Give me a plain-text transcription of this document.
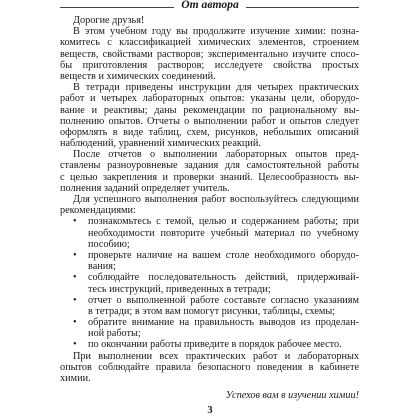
От автора
Дорогие друзья!
В этом учебном году вы продолжите изучение химии: позна-
комитесь с классификацией химических элементов, строением
веществ, свойствами растворов; экспериментально изучите спосо-
бы приготовления растворов; исследуете свойства простых
веществ и химических соединений.
В тетради приведены инструкции для четырех практических
работ и четырех лабораторных опытов: указаны цели, оборудо-
вание и реактивы; даны рекомендации по рациональному вы-
полнению опытов. Отчеты о выполнении работ и опытов следует
оформлять в виде таблиц, схем, рисунков, небольших описаний
наблюдений, уравнений химических реакций.
После отчетов о выполнении лабораторных опытов пред-
ставлены разноуровневые задания для самостоятельной работы
с целью закрепления и проверки знаний. Целесообразность вы-
полнения заданий определяет учитель.
Для успешного выполнения работ воспользуйтесь следующими
рекомендациями:
• познакомьтесь с темой, целью и содержанием работы; при
необходимости повторите учебный материал по учебному
пособию;
• проверьте наличие на вашем столе необходимого оборудо-
вания;
• соблюдайте последовательность действий, придерживай-
тесь инструкций, приведенных в тетради;
• отчет о выполненной работе составьте согласно указаниям
в тетради; в этом вам помогут рисунки, таблицы, схемы;
• обратите внимание на правильность выводов из проделан-
ной работы;
• по окончании работы приведите в порядок рабочее место.
При выполнении всех практических работ и лабораторных
опытов соблюдайте правила безопасного поведения в кабинете
химии.
Успехов вам в изучении химии!
3
